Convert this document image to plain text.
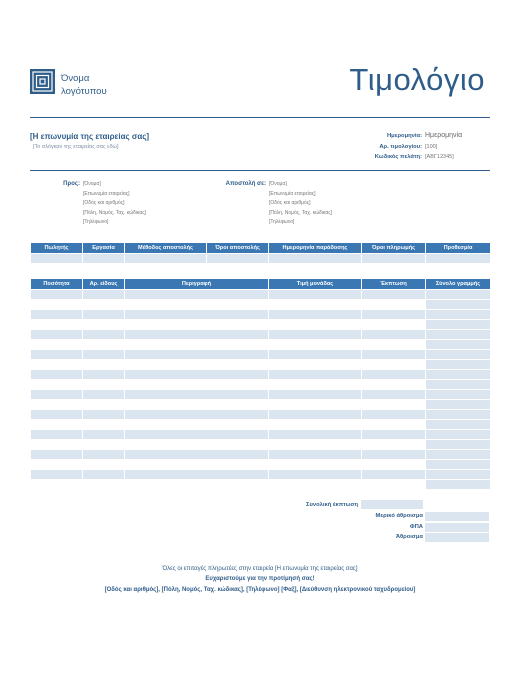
Όνομα λογότυπου	Τιμολόγιο
[Η επωνυμία της εταιρείας σας]
[Το σλόγκαν της εταιρείας σας εδώ]
Ημερομηνία: Ημερομηνία
Αρ. τιμολογίου: [100]
Κωδικός πελάτη: [ΑΒΓ12345]
Προς: [Όνομα]
[Επωνυμία εταιρείας]
[Οδός και αριθμός]
[Πόλη, Νομός, Ταχ. κώδικας]
[Τηλέφωνο]
Αποστολή σε: [Όνομα]
[Επωνυμία εταιρείας]
[Οδός και αριθμός]
[Πόλη, Νομός, Ταχ. κώδικας]
[Τηλέφωνο]
Πωλητής	Εργασία	Μέθοδος αποστολής	Όροι αποστολής	Ημερομηνία παράδοσης	Όροι πληρωμής	Προθεσμία

Ποσότητα	Αρ. είδους	Περιγραφή	Τιμή μονάδας	Έκπτωση	Σύνολο γραμμής

Συνολική έκπτωση
Μερικό άθροισμα
ΦΠΑ
Άθροισμα
Όλες οι επιταγές πληρωτέες στην εταιρεία [Η επωνυμία της εταιρείας σας]
Ευχαριστούμε για την προτίμησή σας!
[Οδός και αριθμός], [Πόλη, Νομός, Ταχ. κώδικας], [Τηλέφωνο] [Φαξ], [Διεύθυνση ηλεκτρονικού ταχυδρομείου]
